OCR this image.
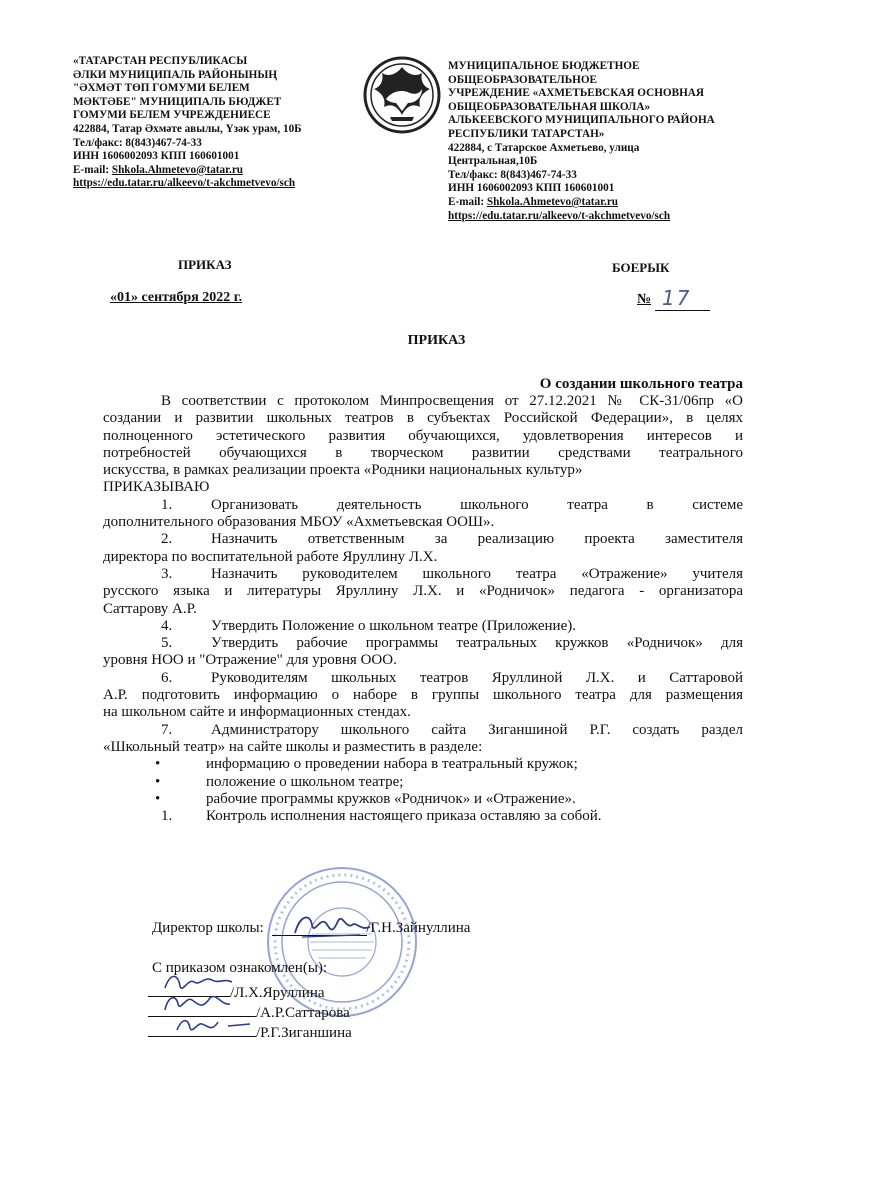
«ТАТАРСТАН РЕСПУБЛИКАСЫ
ӘЛКИ МУНИЦИПАЛЬ РАЙОНЫНЫҢ
"ӘХМӘТ ТӨП ГОМУМИ БЕЛЕМ
МӘКТӘБЕ" МУНИЦИПАЛЬ БЮДЖЕТ
ГОМУМИ БЕЛЕМ УЧРЕЖДЕНИЕСЕ
422884, Татар Әхмәте авылы, Үзәк урам, 10Б
Тел/факс: 8(843)467-74-33
ИНН 1606002093 КПП 160601001
E-mail: Shkola.Ahmetevo@tatar.ru
https://edu.tatar.ru/alkeevo/t-akchmetvevo/sch
МУНИЦИПАЛЬНОЕ БЮДЖЕТНОЕ
ОБЩЕОБРАЗОВАТЕЛЬНОЕ
УЧРЕЖДЕНИЕ «АХМЕТЬЕВСКАЯ ОСНОВНАЯ
ОБЩЕОБРАЗОВАТЕЛЬНАЯ ШКОЛА»
АЛЬКЕЕВСКОГО МУНИЦИПАЛЬНОГО РАЙОНА
РЕСПУБЛИКИ ТАТАРСТАН»
422884, с Татарское Ахметьево, улица
Центральная,10Б
Тел/факс: 8(843)467-74-33
ИНН 1606002093 КПП 160601001
E-mail: Shkola.Ahmetevo@tatar.ru
https://edu.tatar.ru/alkeevo/t-akchmetvevo/sch
ПРИКАЗ	БОЕРЫК
«01» сентября 2022 г.	№ 17
ПРИКАЗ
О создании школьного театра
В соответствии с протоколом Минпросвещения от 27.12.2021 № СК-31/06пр «О
создании и развитии школьных театров в субъектах Российской Федерации», в целях
полноценного эстетического развития обучающихся, удовлетворения интересов и
потребностей обучающихся в творческом развитии средствами театрального
искусства, в рамках реализации проекта «Родники национальных культур»
ПРИКАЗЫВАЮ
1.	Организовать деятельность школьного театра в системе
дополнительного образования МБОУ «Ахметьевская ООШ».
2.	Назначить ответственным за реализацию проекта заместителя
директора по воспитательной работе Яруллину Л.Х.
3.	Назначить руководителем школьного театра «Отражение» учителя
русского языка и литературы Яруллину Л.Х. и «Родничок» педагога - организатора
Саттарову А.Р.
4.	Утвердить Положение о школьном театре (Приложение).
5.	Утвердить рабочие программы театральных кружков «Родничок» для
уровня НОО и "Отражение" для уровня ООО.
6.	Руководителям школьных театров Яруллиной Л.Х. и Саттаровой
А.Р. подготовить информацию о наборе в группы школьного театра для размещения
на школьном сайте и информационных стендах.
7.	Администратору школьного сайта Зиганшиной Р.Г. создать раздел
«Школьный театр» на сайте школы и разместить в разделе:
•	информацию о проведении набора в театральный кружок;
•	положение о школьном театре;
•	рабочие программы кружков «Родничок» и «Отражение».
1. Контроль исполнения настоящего приказа оставляю за собой.
Директор школы:	/Г.Н.Зайнуллина
С приказом ознакомлен(ы):
/Л.Х.Яруллина
/А.Р.Саттарова
/Р.Г.Зиганшина
